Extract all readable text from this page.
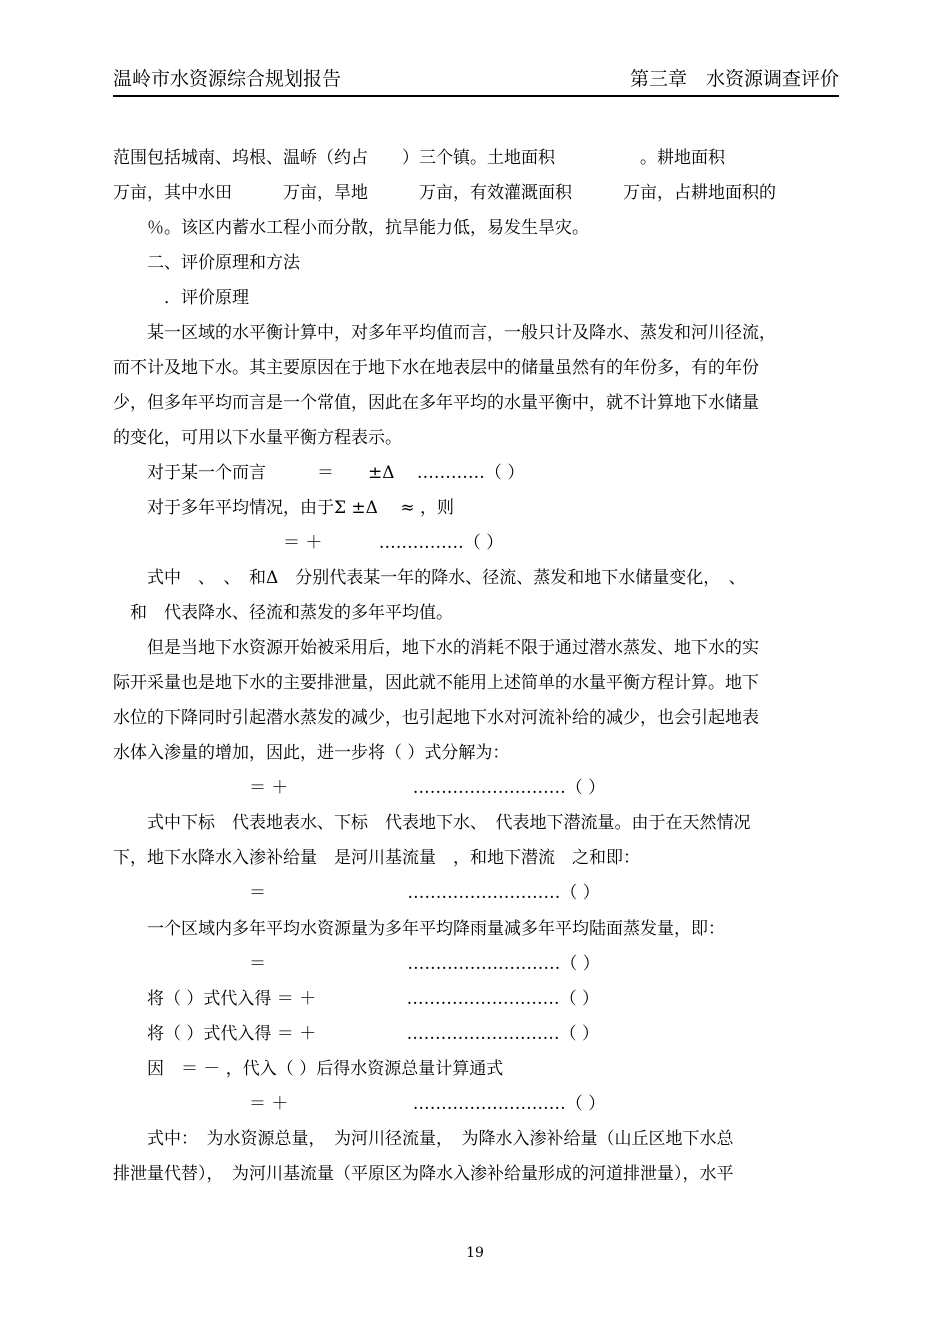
温岭市水资源综合规划报告	第三章　水资源调查评价
范围包括城南、坞根、温峤（约占　　）三个镇。土地面积　　　　　。耕地面积
万亩，其中水田　　　万亩，旱地　　　万亩，有效灌溉面积　　　万亩，占耕地面积的
　　％。该区内蓄水工程小而分散，抗旱能力低，易发生旱灾。
　　二、评价原理和方法
　　　．评价原理
　　某一区域的水平衡计算中，对多年平均值而言，一般只计及降水、蒸发和河川径流，
而不计及地下水。其主要原因在于地下水在地表层中的储量虽然有的年份多，有的年份
少，但多年平均而言是一个常值，因此在多年平均的水量平衡中，就不计算地下水储量
的变化，可用以下水量平衡方程表示。
　　对于某一个而言　　　＝　　±Δ　 …………（ ）
　　对于多年平均情况，由于Σ ±Δ　 ≈ ，则
　　　　　　　　　　＝ ＋　　　 ……………（ ）
　　式中　、　、　和Δ　分别代表某一年的降水、径流、蒸发和地下水储量变化，　、
　和　代表降水、径流和蒸发的多年平均值。
　　但是当地下水资源开始被采用后，地下水的消耗不限于通过潜水蒸发、地下水的实
际开采量也是地下水的主要排泄量，因此就不能用上述简单的水量平衡方程计算。地下
水位的下降同时引起潜水蒸发的减少，也引起地下水对河流补给的减少，也会引起地表
水体入渗量的增加，因此，进一步将（ ）式分解为：
　　　　　　　　＝ ＋　　　　　　　 ………………………（ ）
　　式中下标　代表地表水、下标　代表地下水、　代表地下潜流量。由于在天然情况
下，地下水降水入渗补给量　是河川基流量　，和地下潜流　之和即：
　　　　　　　　＝　　　　　　　　 ………………………（ ）
　　一个区域内多年平均水资源量为多年平均降雨量减多年平均陆面蒸发量，即：
　　　　　　　　＝　　　　　　　　 ………………………（ ）
　　将（ ）式代入得 ＝ ＋　　　　　 ………………………（ ）
　　将（ ）式代入得 ＝ ＋　　　　　 ………………………（ ）
　　因　＝ － ，代入（ ）后得水资源总量计算通式
　　　　　　　　＝ ＋　　　　　　　 ………………………（ ）
　　式中：　为水资源总量，　为河川径流量，　为降水入渗补给量（山丘区地下水总
排泄量代替），　为河川基流量（平原区为降水入渗补给量形成的河道排泄量），水平
19
